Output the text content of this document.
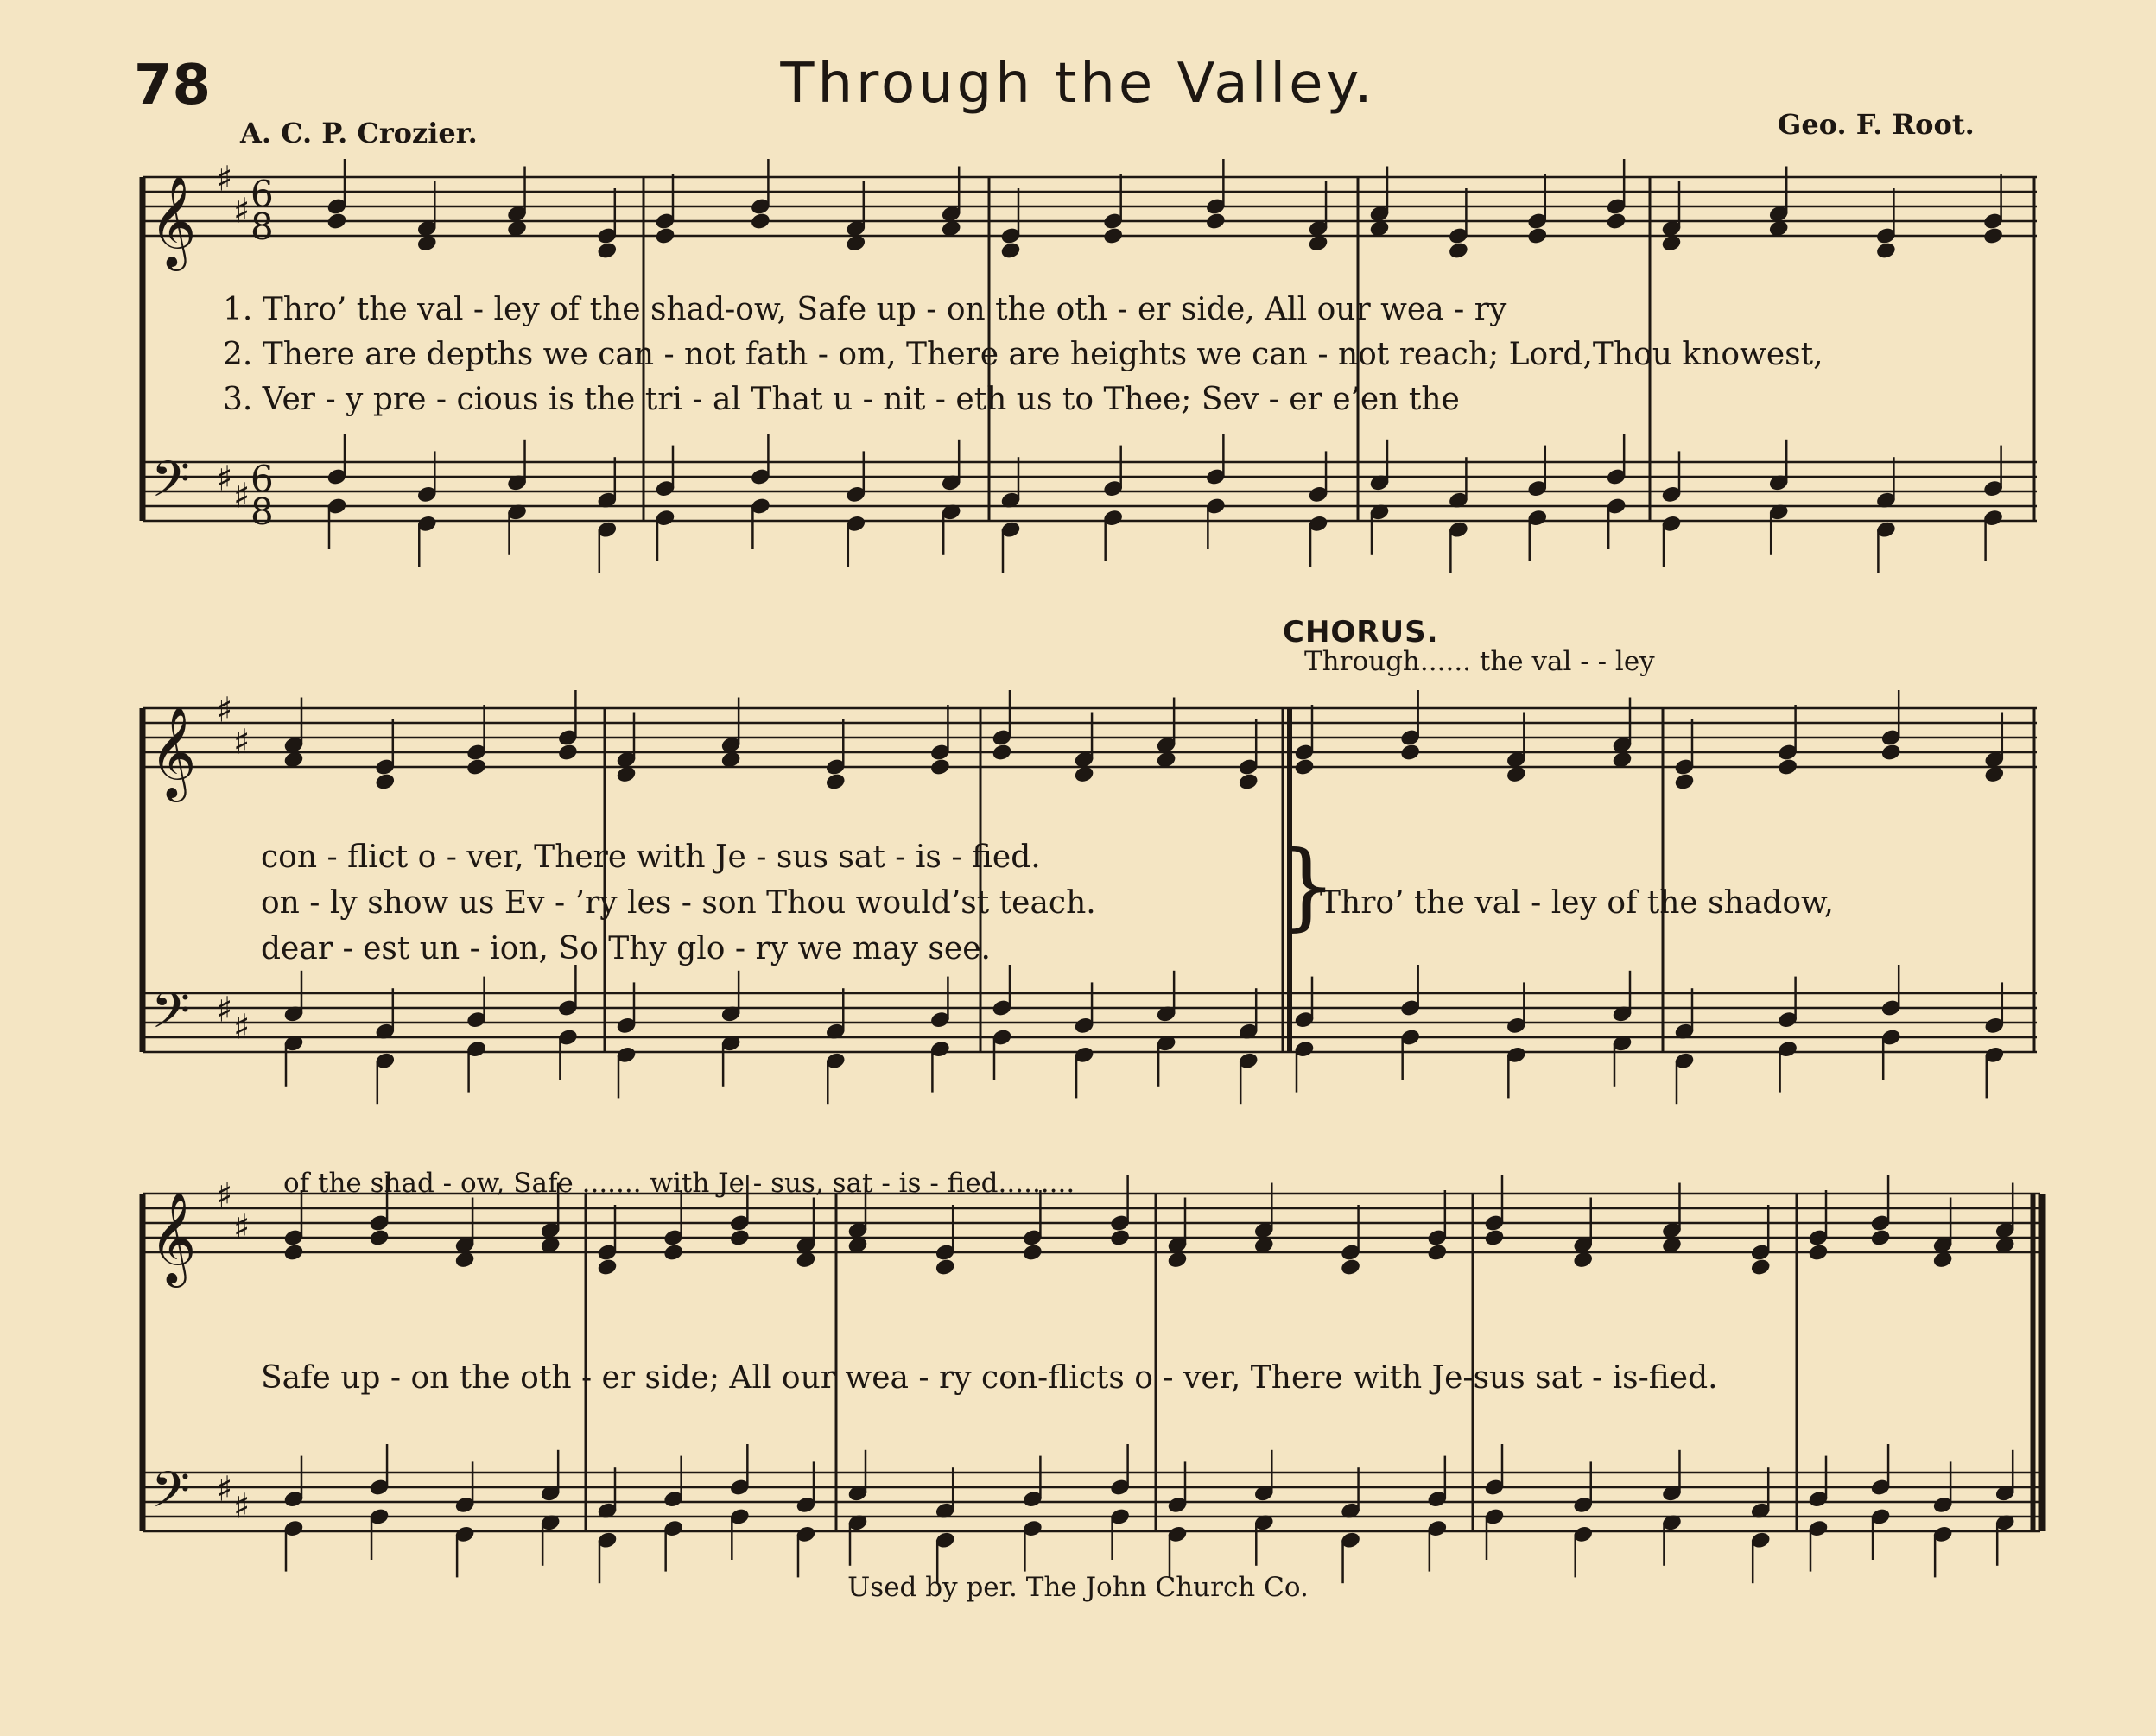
78	Through the Valley.
A. C. P. Crozier.	Geo. F. Root.
𝄞
𝄢
♯
♯
♯ ♯
6
8
6
8
𝄞
𝄢
♯
♯
♯ ♯
𝄞
𝄢
♯
♯
♯ ♯
1. Thro’ the val - ley of the shad-ow, Safe up - on the oth - er side, All our wea - ry
2. There are depths we can - not fath - om, There are heights we can - not reach; Lord,Thou knowest,
3. Ver - y pre - cious is the tri - al That u - nit - eth us to Thee; Sev - er e’en the
CHORUS.
Through...... the val - - ley
con - flict o - ver, There with Je - sus sat - is - fied.
on - ly show us Ev - ’ry les - son Thou would’st teach.
dear - est un - ion, So Thy glo - ry we may see.
}
Thro’ the val - ley of the shadow,
of the shad - ow, Safe ....... with Je - sus, sat - is - fied.........
Safe up - on the oth - er side; All our wea - ry con-flicts o - ver, There with Je-sus sat - is-fied.
Used by per. The John Church Co.
